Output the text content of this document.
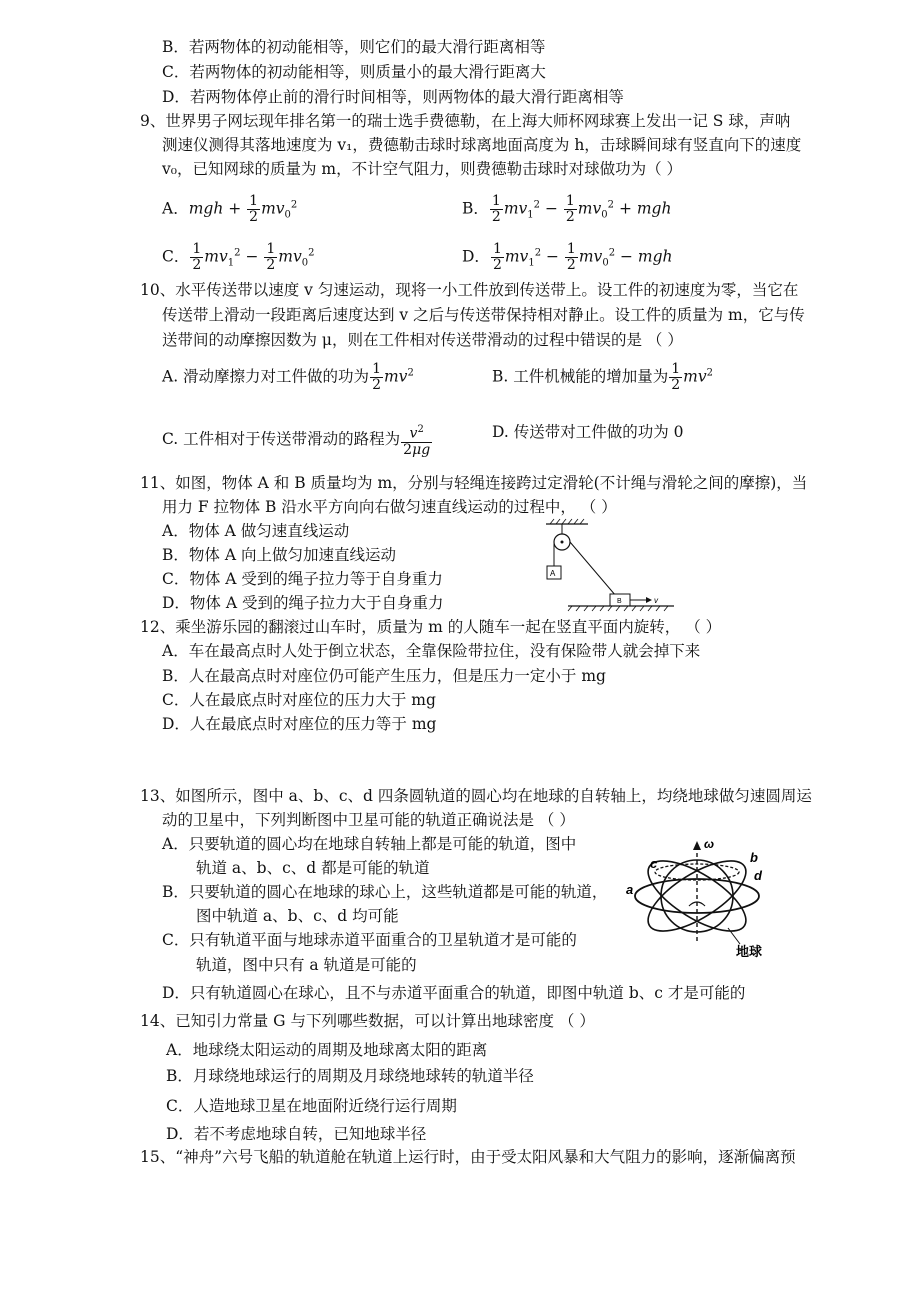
B．若两物体的初动能相等，则它们的最大滑行距离相等
C．若两物体的初动能相等，则质量小的最大滑行距离大
D．若两物体停止前的滑行时间相等，则两物体的最大滑行距离相等
9、世界男子网坛现年排名第一的瑞士选手费德勒，在上海大师杯网球赛上发出一记 S 球，声呐
测速仪测得其落地速度为 v₁，费德勒击球时球离地面高度为 h，击球瞬间球有竖直向下的速度
v₀，已知网球的质量为 m，不计空气阻力，则费德勒击球时对球做功为（ ）
A．mgh + $\frac{1}{2} mv_0^2$	B． $\frac{1}{2} mv_1^2 - \frac{1}{2} mv_0^2$ + mgh
C． $\frac{1}{2} mv_1^2 - \frac{1}{2} mv_0^2$	D． $\frac{1}{2} mv_1^2 - \frac{1}{2} mv_0^2$ − mgh
10、水平传送带以速度 v 匀速运动，现将一小工件放到传送带上。设工件的初速度为零，当它在
传送带上滑动一段距离后速度达到 v 之后与传送带保持相对静止。设工件的质量为 m，它与传
送带间的动摩擦因数为 μ，则在工件相对传送带滑动的过程中错误的是 （ ）
A. 滑动摩擦力对工件做的功为 $\frac{1}{2} mv^2$	B. 工件机械能的增加量为 $\frac{1}{2} mv^2$
C. 工件相对于传送带滑动的路程为 $\frac{v^2}{2\mu g}$	D. 传送带对工件做的功为 0
11、如图，物体 A 和 B 质量均为 m，分别与轻绳连接跨过定滑轮(不计绳与滑轮之间的摩擦)，当
用力 F 拉物体 B 沿水平方向向右做匀速直线运动的过程中， （ ）
A．物体 A 做匀速直线运动
B．物体 A 向上做匀加速直线运动
C．物体 A 受到的绳子拉力等于自身重力
D．物体 A 受到的绳子拉力大于自身重力
A
B	v
12、乘坐游乐园的翻滚过山车时，质量为 m 的人随车一起在竖直平面内旋转， （ ）
A．车在最高点时人处于倒立状态，全靠保险带拉住，没有保险带人就会掉下来
B．人在最高点时对座位仍可能产生压力，但是压力一定小于 mg
C．人在最底点时对座位的压力大于 mg
D．人在最底点时对座位的压力等于 mg
13、如图所示，图中 a、b、c、d 四条圆轨道的圆心均在地球的自转轴上，均绕地球做匀速圆周运
动的卫星中，下列判断图中卫星可能的轨道正确说法是 （ ）
A．只要轨道的圆心均在地球自转轴上都是可能的轨道，图中
轨道 a、b、c、d 都是可能的轨道
B．只要轨道的圆心在地球的球心上，这些轨道都是可能的轨道，
图中轨道 a、b、c、d 均可能
C．只有轨道平面与地球赤道平面重合的卫星轨道才是可能的
轨道，图中只有 a 轨道是可能的
D．只有轨道圆心在球心，且不与赤道平面重合的轨道，即图中轨道 b、c 才是可能的
ω
a
b
c
d
地球
14、已知引力常量 G 与下列哪些数据，可以计算出地球密度 （ ）
A．地球绕太阳运动的周期及地球离太阳的距离
B．月球绕地球运行的周期及月球绕地球转的轨道半径
C．人造地球卫星在地面附近绕行运行周期
D．若不考虑地球自转，已知地球半径
15、“神舟”六号飞船的轨道舱在轨道上运行时，由于受太阳风暴和大气阻力的影响，逐渐偏离预
